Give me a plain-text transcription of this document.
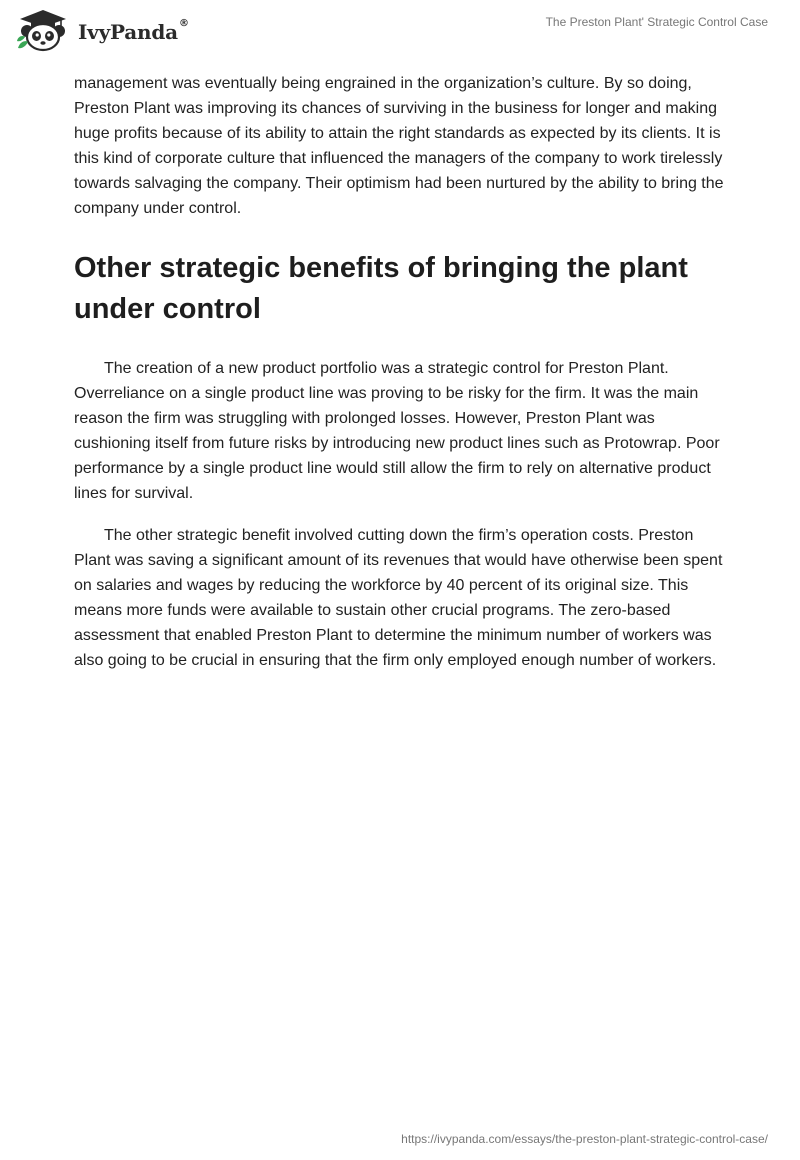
IvyPanda®	The Preston Plant' Strategic Control Case

management was eventually being engrained in the organization’s culture. By so doing, Preston Plant was improving its chances of surviving in the business for longer and making huge profits because of its ability to attain the right standards as expected by its clients. It is this kind of corporate culture that influenced the managers of the company to work tirelessly towards salvaging the company. Their optimism had been nurtured by the ability to bring the company under control.

Other strategic benefits of bringing the plant under control

The creation of a new product portfolio was a strategic control for Preston Plant. Overreliance on a single product line was proving to be risky for the firm. It was the main reason the firm was struggling with prolonged losses. However, Preston Plant was cushioning itself from future risks by introducing new product lines such as Protowrap. Poor performance by a single product line would still allow the firm to rely on alternative product lines for survival.

The other strategic benefit involved cutting down the firm’s operation costs. Preston Plant was saving a significant amount of its revenues that would have otherwise been spent on salaries and wages by reducing the workforce by 40 percent of its original size. This means more funds were available to sustain other crucial programs. The zero-based assessment that enabled Preston Plant to determine the minimum number of workers was also going to be crucial in ensuring that the firm only employed enough number of workers.

https://ivypanda.com/essays/the-preston-plant-strategic-control-case/
